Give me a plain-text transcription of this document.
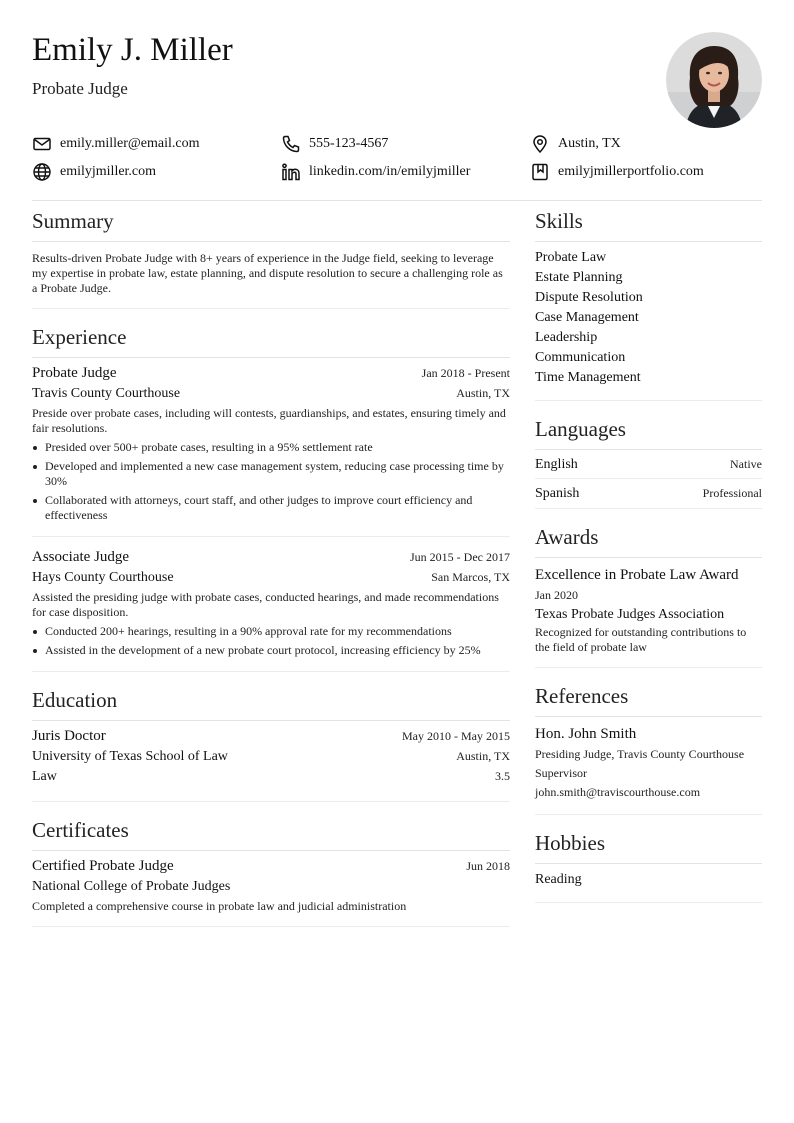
Emily J. Miller
Probate Judge
emily.miller@email.com	555-123-4567	Austin, TX
emilyjmiller.com	linkedin.com/in/emilyjmiller	emilyjmillerportfolio.com
Summary

Results-driven Probate Judge with 8+ years of experience in the Judge field, seeking to leverage my expertise in probate law, estate planning, and dispute resolution to secure a challenging role as a Probate Judge.

Experience
Probate Judge	Jan 2018 - Present
Travis County Courthouse	Austin, TX

Preside over probate cases, including will contests, guardianships, and estates, ensuring timely and fair resolutions.

Presided over 500+ probate cases, resulting in a 95% settlement rate
Developed and implemented a new case management system, reducing case processing time by 30%
Collaborated with attorneys, court staff, and other judges to improve court efficiency and effectiveness
Associate Judge	Jun 2015 - Dec 2017
Hays County Courthouse	San Marcos, TX

Assisted the presiding judge with probate cases, conducted hearings, and made recommendations for case disposition.

Conducted 200+ hearings, resulting in a 90% approval rate for my recommendations
Assisted in the development of a new probate court protocol, increasing efficiency by 25%
Education
Juris Doctor	May 2010 - May 2015
University of Texas School of Law	Austin, TX
Law	3.5
Certificates
Certified Probate Judge	Jun 2018
National College of Probate Judges

Completed a comprehensive course in probate law and judicial administration

Skills
Probate Law
Estate Planning
Dispute Resolution
Case Management
Leadership
Communication
Time Management
Languages
English	Native
Spanish	Professional
Awards
Excellence in Probate Law Award
Jan 2020
Texas Probate Judges Association

Recognized for outstanding contributions to the field of probate law

References
Hon. John Smith
Presiding Judge, Travis County Courthouse
Supervisor
john.smith@traviscourthouse.com
Hobbies
Reading
